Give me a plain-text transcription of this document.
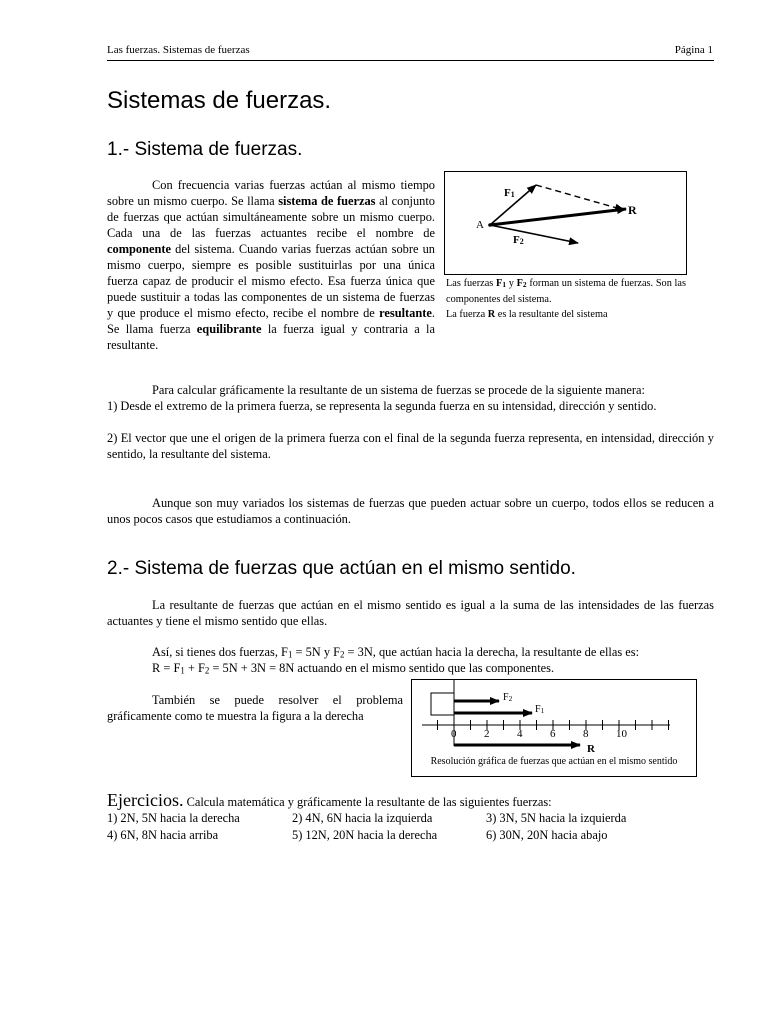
Las fuerzas. Sistemas de fuerzas	Página 1
Sistemas de fuerzas.
1.- Sistema de fuerzas.
Con frecuencia varias fuerzas actúan al mismo tiempo sobre un mismo cuerpo. Se llama sistema de fuerzas al conjunto de fuerzas que actúan simultáneamente sobre un mismo cuerpo. Cada una de las fuerzas actuantes recibe el nombre de componente del sistema. Cuando varias fuerzas actúan sobre un mismo cuerpo, siempre es posible sustituirlas por una única fuerza capaz de producir el mismo efecto. Esa fuerza única que puede sustituir a todas las componentes de un sistema de fuerzas y que produce el mismo efecto, recibe el nombre de resultante. Se llama fuerza equilibrante la fuerza igual y contraria a la resultante.
F1
F2
R
A
Las fuerzas F1 y F2 forman un sistema de fuerzas. Son las componentes del sistema.
La fuerza R es la resultante del sistema
Para calcular gráficamente la resultante de un sistema de fuerzas se procede de la siguiente manera:
1) Desde el extremo de la primera fuerza, se representa la segunda fuerza en su intensidad, dirección y sentido.
2) El vector que une el origen de la primera fuerza con el final de la segunda fuerza representa, en intensidad, dirección y sentido, la resultante del sistema.
Aunque son muy variados los sistemas de fuerzas que pueden actuar sobre un cuerpo, todos ellos se reducen a unos pocos casos que estudiamos a continuación.
2.- Sistema de fuerzas que actúan en el mismo sentido.
La resultante de fuerzas que actúan en el mismo sentido es igual a la suma de las intensidades de las fuerzas actuantes y tiene el mismo sentido que ellas.
Así, si tienes dos fuerzas, F1 = 5N y F2 = 3N, que actúan hacia la derecha, la resultante de ellas es:
R = F1 + F2 = 5N + 3N = 8N actuando en el mismo sentido que las componentes.
También se puede resolver el problema gráficamente como te muestra la figura a la derecha
F2
F1
0	2	4	6	8	10
R
Resolución gráfica de fuerzas que actúan en el mismo sentido
Ejercicios. Calcula matemática y gráficamente la resultante de las siguientes fuerzas:
1) 2N, 5N hacia la derecha	2) 4N, 6N hacia la izquierda	3) 3N, 5N hacia la izquierda
4) 6N, 8N hacia arriba	5) 12N, 20N hacia la derecha	6) 30N, 20N hacia abajo
